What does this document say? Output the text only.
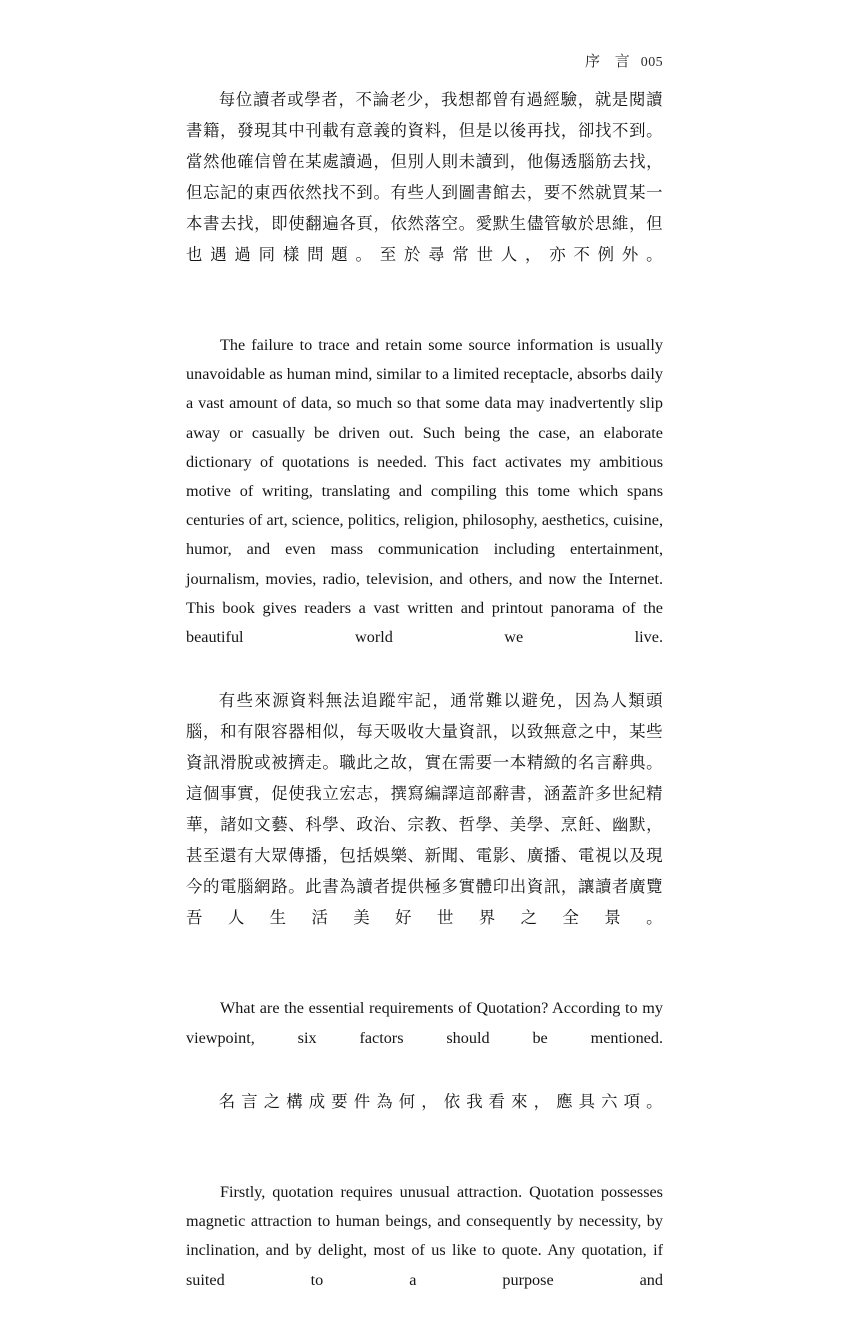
序 言 005

每位讀者或學者，不論老少，我想都曾有過經驗，就是閱讀書籍，發現其中刊載有意義的資料，但是以後再找，卻找不到。當然他確信曾在某處讀過，但別人則未讀到，他傷透腦筋去找，但忘記的東西依然找不到。有些人到圖書館去，要不然就買某一本書去找，即使翻遍各頁，依然落空。愛默生儘管敏於思維，但也遇過同樣問題。至於尋常世人，亦不例外。

The failure to trace and retain some source information is usually unavoidable as human mind, similar to a limited receptacle, absorbs daily a vast amount of data, so much so that some data may inadvertently slip away or casually be driven out. Such being the case, an elaborate dictionary of quotations is needed. This fact activates my ambitious motive of writing, translating and compiling this tome which spans centuries of art, science, politics, religion, philosophy, aesthetics, cuisine, humor, and even mass communication including entertainment, journalism, movies, radio, television, and others, and now the Internet. This book gives readers a vast written and printout panorama of the beautiful world we live.

有些來源資料無法追蹤牢記，通常難以避免，因為人類頭腦，和有限容器相似，每天吸收大量資訊，以致無意之中，某些資訊滑脫或被擠走。職此之故，實在需要一本精緻的名言辭典。這個事實，促使我立宏志，撰寫編譯這部辭書，涵蓋許多世紀精華，諸如文藝、科學、政治、宗教、哲學、美學、烹飪、幽默，甚至還有大眾傳播，包括娛樂、新聞、電影、廣播、電視以及現今的電腦網路。此書為讀者提供極多實體印出資訊，讓讀者廣覽吾人生活美好世界之全景。

What are the essential requirements of Quotation? According to my viewpoint, six factors should be mentioned.

名言之構成要件為何，依我看來，應具六項。

Firstly, quotation requires unusual attraction. Quotation possesses magnetic attraction to human beings, and consequently by necessity, by inclination, and by delight, most of us like to quote. Any quotation, if suited to a purpose and
